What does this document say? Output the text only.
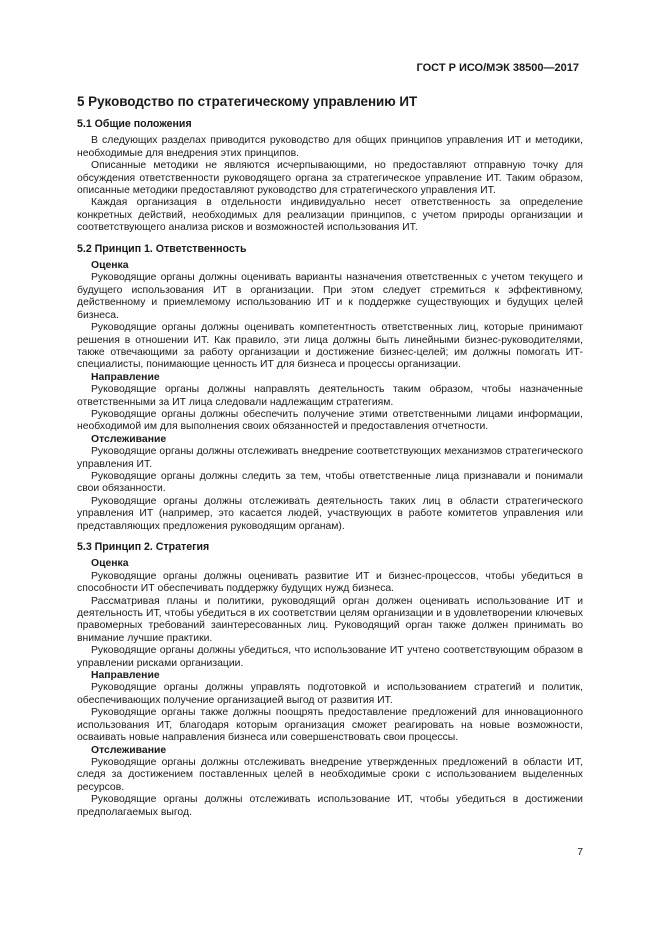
ГОСТ Р ИСО/МЭК 38500—2017
5 Руководство по стратегическому управлению ИТ
5.1 Общие положения

В следующих разделах приводится руководство для общих принципов управления ИТ и методики, необходимые для внедрения этих принципов.

Описанные методики не являются исчерпывающими, но предоставляют отправную точку для обсуждения ответственности руководящего органа за стратегическое управление ИТ. Таким образом, описанные методики предоставляют руководство для стратегического управления ИТ.

Каждая организация в отдельности индивидуально несет ответственность за определение конкретных действий, необходимых для реализации принципов, с учетом природы организации и соответствующего анализа рисков и возможностей использования ИТ.

5.2 Принцип 1. Ответственность
Оценка

Руководящие органы должны оценивать варианты назначения ответственных с учетом текущего и будущего использования ИТ в организации. При этом следует стремиться к эффективному, действенному и приемлемому использованию ИТ и к поддержке существующих и будущих целей бизнеса.

Руководящие органы должны оценивать компетентность ответственных лиц, которые принимают решения в отношении ИТ. Как правило, эти лица должны быть линейными бизнес-руководителями, также отвечающими за работу организации и достижение бизнес-целей; им должны помогать ИТ-специалисты, понимающие ценность ИТ для бизнеса и процессы организации.

Направление

Руководящие органы должны направлять деятельность таким образом, чтобы назначенные ответственными за ИТ лица следовали надлежащим стратегиям.

Руководящие органы должны обеспечить получение этими ответственными лицами информации, необходимой им для выполнения своих обязанностей и предоставления отчетности.

Отслеживание

Руководящие органы должны отслеживать внедрение соответствующих механизмов стратегического управления ИТ.

Руководящие органы должны следить за тем, чтобы ответственные лица признавали и понимали свои обязанности.

Руководящие органы должны отслеживать деятельность таких лиц в области стратегического управления ИТ (например, это касается людей, участвующих в работе комитетов управления или представляющих предложения руководящим органам).

5.3 Принцип 2. Стратегия
Оценка

Руководящие органы должны оценивать развитие ИТ и бизнес-процессов, чтобы убедиться в способности ИТ обеспечивать поддержку будущих нужд бизнеса.

Рассматривая планы и политики, руководящий орган должен оценивать использование ИТ и деятельность ИТ, чтобы убедиться в их соответствии целям организации и в удовлетворении ключевых правомерных требований заинтересованных лиц. Руководящий орган также должен принимать во внимание лучшие практики.

Руководящие органы должны убедиться, что использование ИТ учтено соответствующим образом в управлении рисками организации.

Направление

Руководящие органы должны управлять подготовкой и использованием стратегий и политик, обеспечивающих получение организацией выгод от развития ИТ.

Руководящие органы также должны поощрять предоставление предложений для инновационного использования ИТ, благодаря которым организация сможет реагировать на новые возможности, осваивать новые направления бизнеса или совершенствовать свои процессы.

Отслеживание

Руководящие органы должны отслеживать внедрение утвержденных предложений в области ИТ, следя за достижением поставленных целей в необходимые сроки с использованием выделенных ресурсов.

Руководящие органы должны отслеживать использование ИТ, чтобы убедиться в достижении предполагаемых выгод.

7
